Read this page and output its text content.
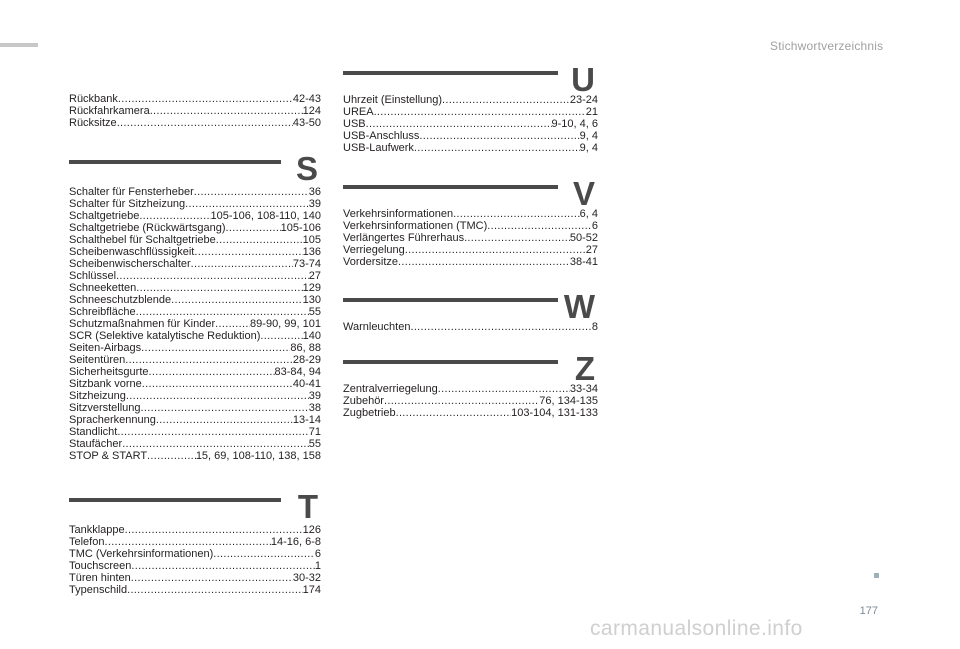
Stichwortverzeichnis
Rückbank .....	42-43
Rückfahrkamera .....	124
Rücksitze .....	43-50
S
Schalter für Fensterheber .....	36
Schalter für Sitzheizung .....	39
Schaltgetriebe .....	105-106, 108-110, 140
Schaltgetriebe (Rückwärtsgang) .....	105-106
Schalthebel für Schaltgetriebe .....	105
Scheibenwaschflüssigkeit .....	136
Scheibenwischerschalter .....	73-74
Schlüssel .....	27
Schneeketten .....	129
Schneeschutzblende .....	130
Schreibfläche .....	55
Schutzmaßnahmen für Kinder .....	89-90, 99, 101
SCR (Selektive katalytische Reduktion) .....	140
Seiten-Airbags .....	86, 88
Seitentüren .....	28-29
Sicherheitsgurte .....	83-84, 94
Sitzbank vorne .....	40-41
Sitzheizung .....	39
Sitzverstellung .....	38
Spracherkennung .....	13-14
Standlicht .....	71
Staufächer .....	55
STOP & START .....	15, 69, 108-110, 138, 158
T
Tankklappe .....	126
Telefon .....	14-16, 6-8
TMC (Verkehrsinformationen) .....	6
Touchscreen .....	1
Türen hinten .....	30-32
Typenschild .....	174
U
Uhrzeit (Einstellung) .....	23-24
UREA .....	21
USB .....	9-10, 4, 6
USB-Anschluss .....	9, 4
USB-Laufwerk .....	9, 4
V
Verkehrsinformationen .....	6, 4
Verkehrsinformationen (TMC) .....	6
Verlängertes Führerhaus .....	50-52
Verriegelung .....	27
Vordersitze .....	38-41
W
Warnleuchten .....	8
Z
Zentralverriegelung .....	33-34
Zubehör .....	76, 134-135
Zugbetrieb .....	103-104, 131-133
177
carmanualsonline.info
